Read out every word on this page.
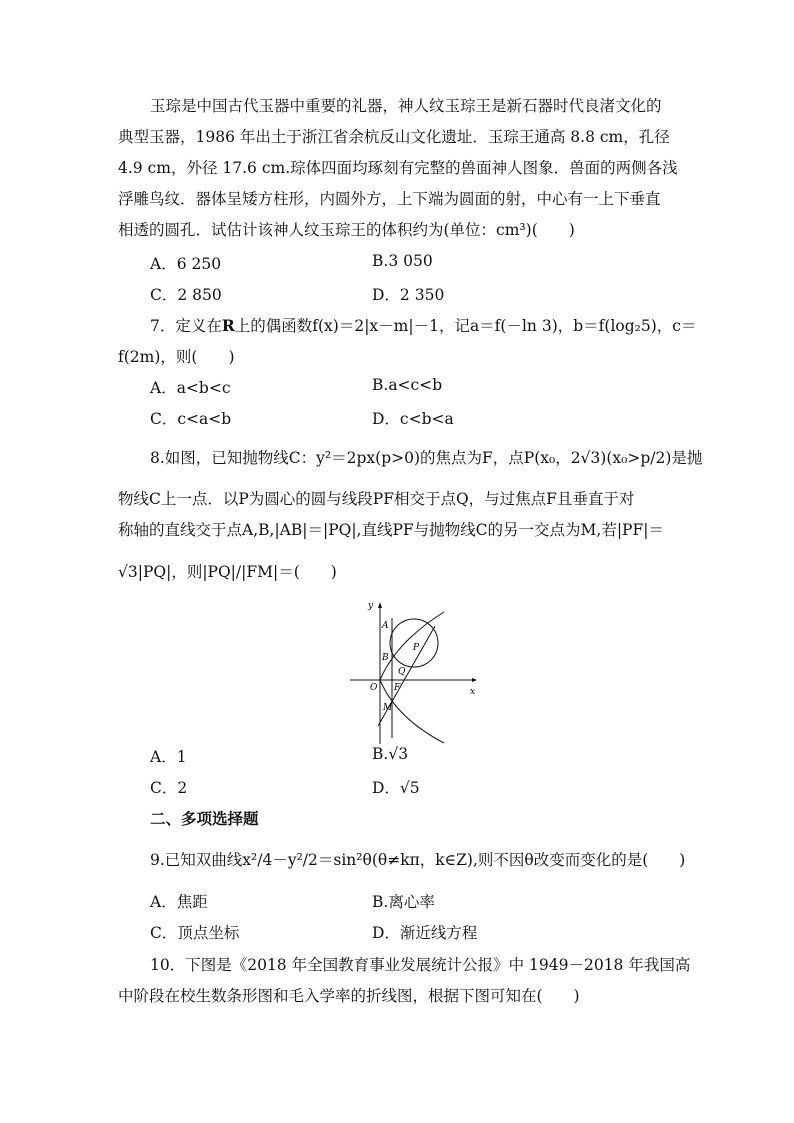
玉琮是中国古代玉器中重要的礼器，神人纹玉琮王是新石器时代良渚文化的
典型玉器，1986 年出土于浙江省余杭反山文化遗址．玉琮王通高 8.8 cm，孔径
4.9 cm，外径 17.6 cm.琮体四面均琢刻有完整的兽面神人图象．兽面的两侧各浅
浮雕鸟纹．器体呈矮方柱形，内圆外方，上下端为圆面的射，中心有一上下垂直
相透的圆孔．试估计该神人纹玉琮王的体积约为(单位：cm³)(　　)
A．6 250	B.3 050
C．2 850	D．2 350
7．定义在R上的偶函数f(x)＝2|x－m|－1，记a＝f(－ln 3)，b＝f(log₂5)，c＝
f(2m)，则(　　)
A．a<b<c	B.a<c<b
C．c<a<b	D．c<b<a
8.如图，已知抛物线C：y²＝2px(p>0)的焦点为F，点P(x₀，2√3)(x₀>p/2)是抛
物线C上一点．以P为圆心的圆与线段PF相交于点Q，与过焦点F且垂直于对
称轴的直线交于点A,B,|AB|＝|PQ|,直线PF与抛物线C的另一交点为M,若|PF|＝
√3|PQ|，则|PQ|/|FM|＝(　　)
y
x
A
B
P
Q
O F
M
A．1	B.√3
C．2	D．√5
二、多项选择题
9.已知双曲线x²/4－y²/2＝sin²θ(θ≠kπ，k∈Z),则不因θ改变而变化的是(　　)
A．焦距	B.离心率
C．顶点坐标	D．渐近线方程
10．下图是《2018 年全国教育事业发展统计公报》中 1949－2018 年我国高
中阶段在校生数条形图和毛入学率的折线图，根据下图可知在(　　)
